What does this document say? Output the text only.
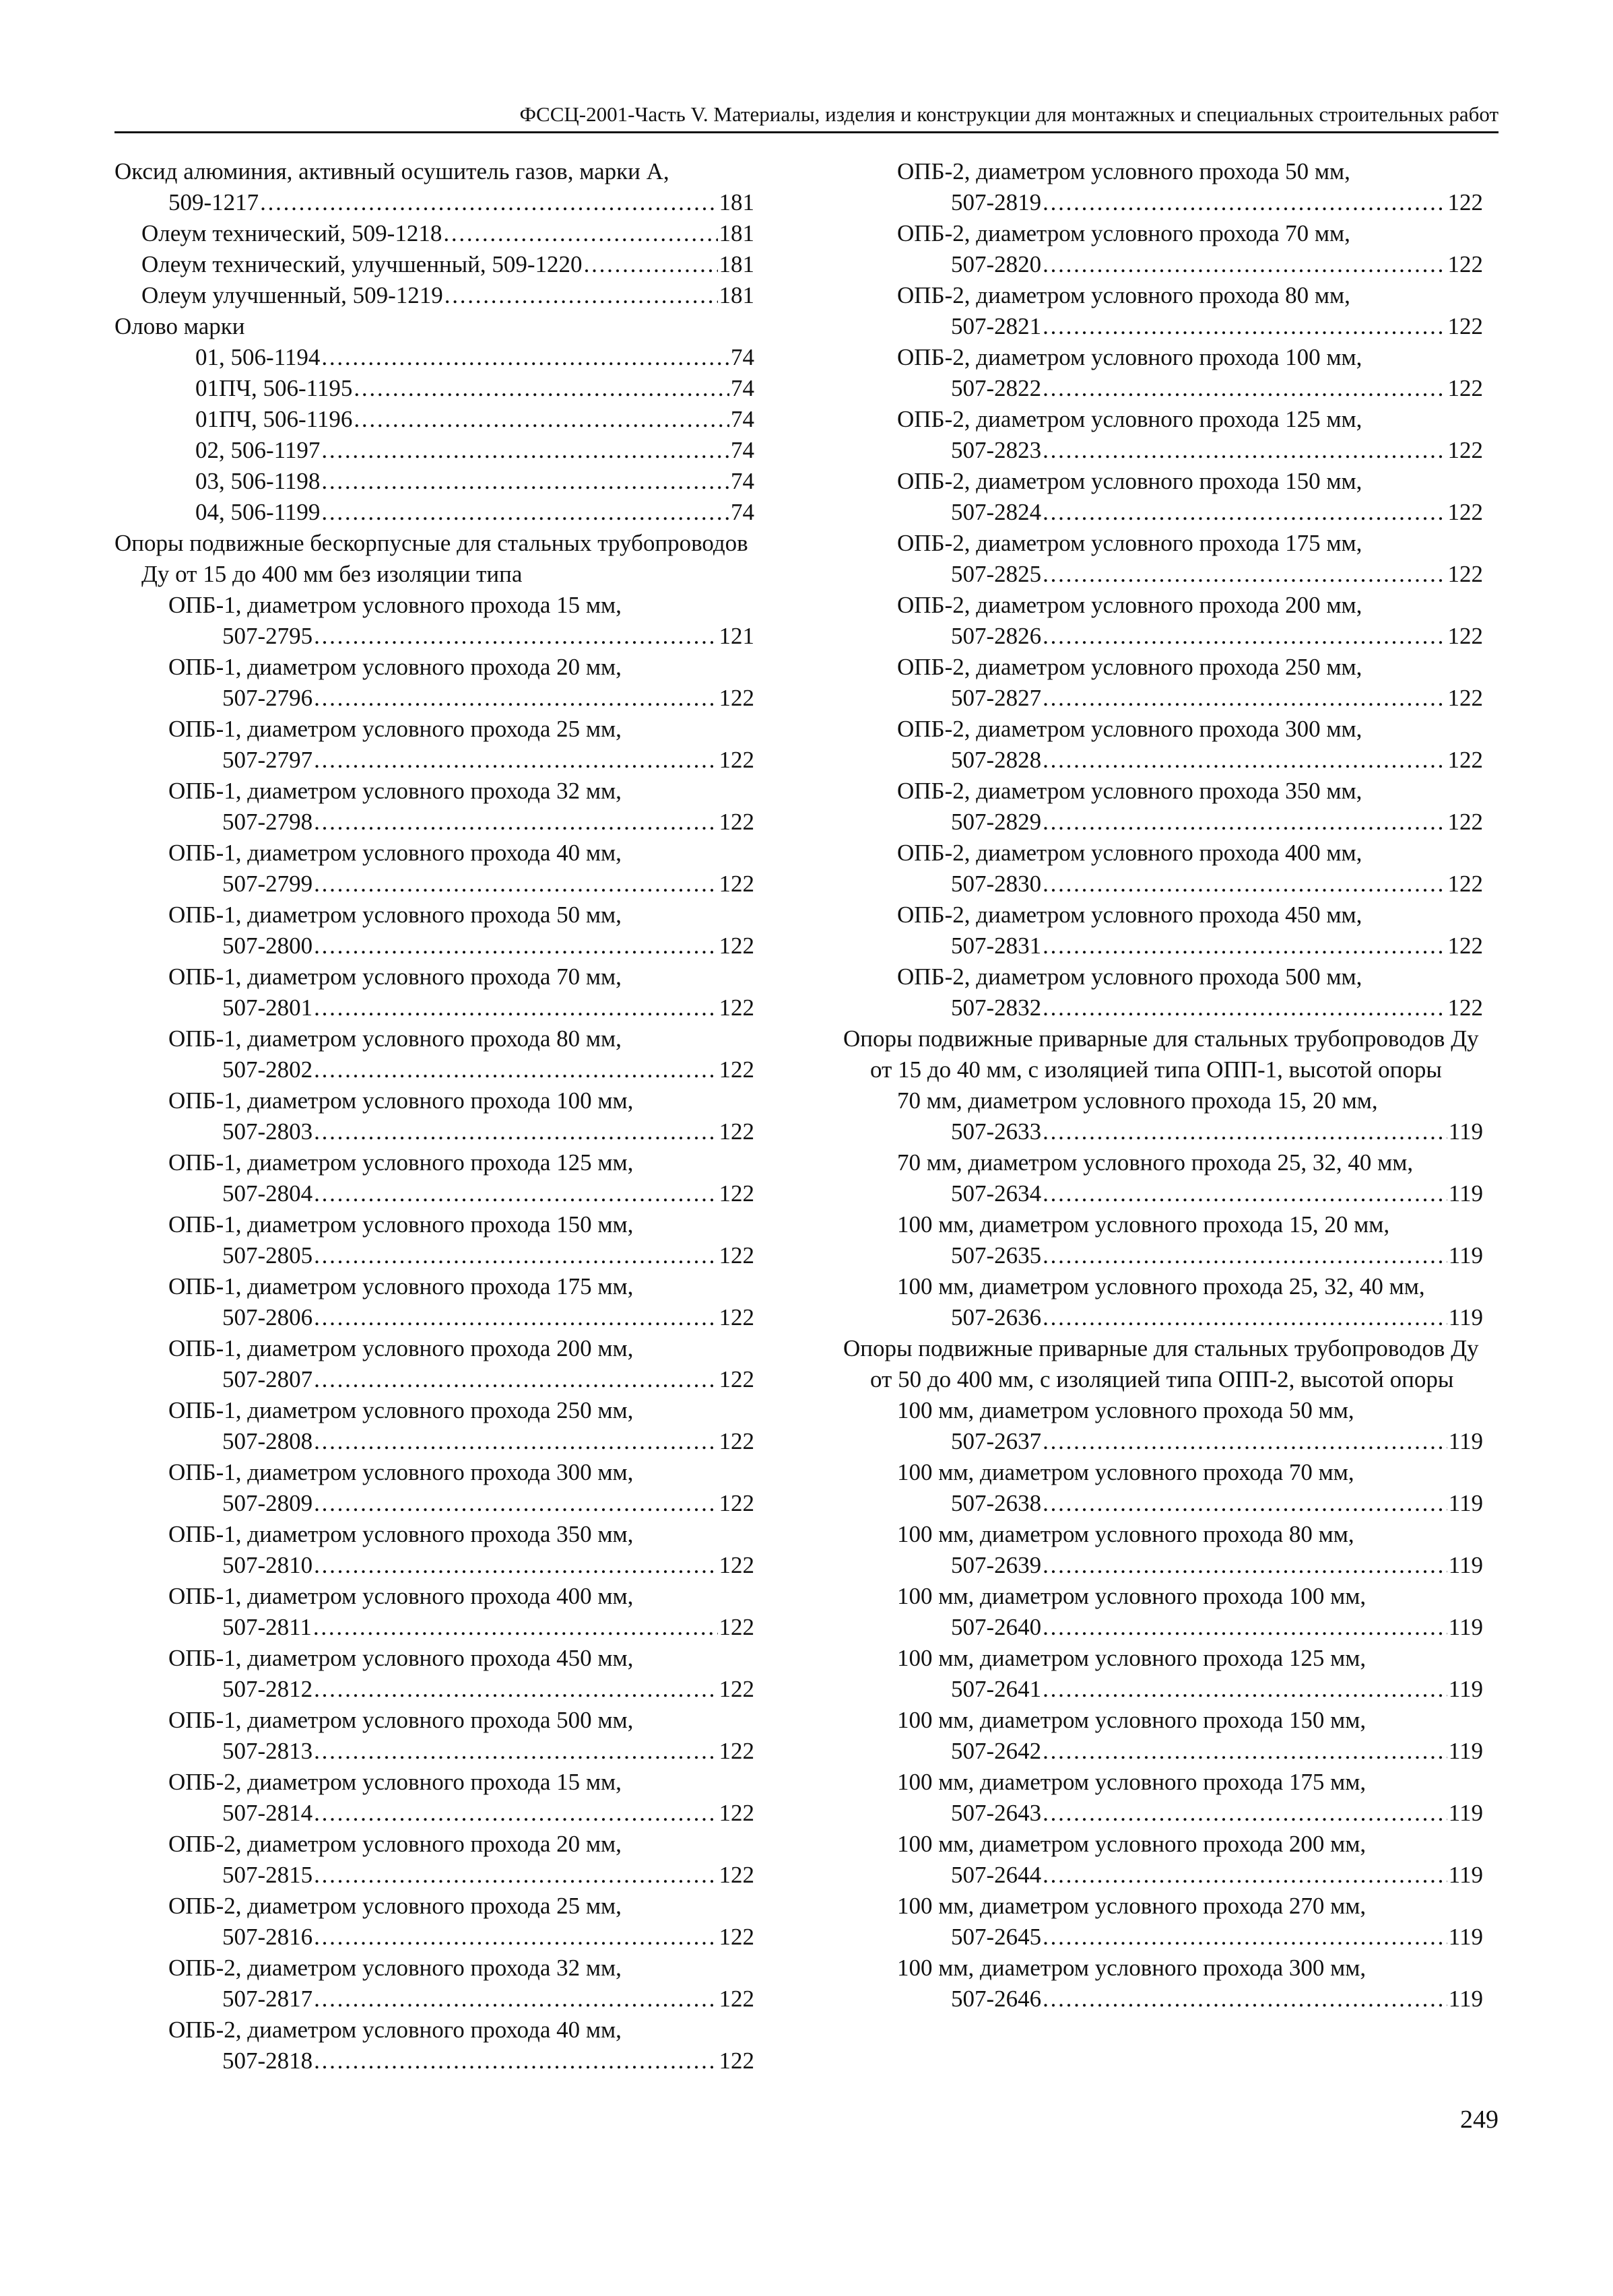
ФССЦ-2001-Часть V. Материалы, изделия и конструкции для монтажных и специальных строительных работ
Оксид алюминия, активный осушитель газов, марки А,
509-1217 . . .	181
Олеум технический, 509-1218 . . .	181
Олеум технический, улучшенный, 509-1220 . . .	181
Олеум улучшенный, 509-1219 . . .	181
Олово марки
01, 506-1194 . . .	74
01ПЧ, 506-1195 . . .	74
01ПЧ, 506-1196 . . .	74
02, 506-1197 . . .	74
03, 506-1198 . . .	74
04, 506-1199 . . .	74
Опоры подвижные бескорпусные для стальных трубопроводов Ду от 15 до 400 мм без изоляции типа
ОПБ-1, диаметром условного прохода 15 мм,
507-2795 . . .	121
ОПБ-1, диаметром условного прохода 20 мм,
507-2796 . . .	122
ОПБ-1, диаметром условного прохода 25 мм,
507-2797 . . .	122
ОПБ-1, диаметром условного прохода 32 мм,
507-2798 . . .	122
ОПБ-1, диаметром условного прохода 40 мм,
507-2799 . . .	122
ОПБ-1, диаметром условного прохода 50 мм,
507-2800 . . .	122
ОПБ-1, диаметром условного прохода 70 мм,
507-2801 . . .	122
ОПБ-1, диаметром условного прохода 80 мм,
507-2802 . . .	122
ОПБ-1, диаметром условного прохода 100 мм,
507-2803 . . .	122
ОПБ-1, диаметром условного прохода 125 мм,
507-2804 . . .	122
ОПБ-1, диаметром условного прохода 150 мм,
507-2805 . . .	122
ОПБ-1, диаметром условного прохода 175 мм,
507-2806 . . .	122
ОПБ-1, диаметром условного прохода 200 мм,
507-2807 . . .	122
ОПБ-1, диаметром условного прохода 250 мм,
507-2808 . . .	122
ОПБ-1, диаметром условного прохода 300 мм,
507-2809 . . .	122
ОПБ-1, диаметром условного прохода 350 мм,
507-2810 . . .	122
ОПБ-1, диаметром условного прохода 400 мм,
507-2811 . . .	122
ОПБ-1, диаметром условного прохода 450 мм,
507-2812 . . .	122
ОПБ-1, диаметром условного прохода 500 мм,
507-2813 . . .	122
ОПБ-2, диаметром условного прохода 15 мм,
507-2814 . . .	122
ОПБ-2, диаметром условного прохода 20 мм,
507-2815 . . .	122
ОПБ-2, диаметром условного прохода 25 мм,
507-2816 . . .	122
ОПБ-2, диаметром условного прохода 32 мм,
507-2817 . . .	122
ОПБ-2, диаметром условного прохода 40 мм,
507-2818 . . .	122
ОПБ-2, диаметром условного прохода 50 мм,
507-2819 . . .	122
ОПБ-2, диаметром условного прохода 70 мм,
507-2820 . . .	122
ОПБ-2, диаметром условного прохода 80 мм,
507-2821 . . .	122
ОПБ-2, диаметром условного прохода 100 мм,
507-2822 . . .	122
ОПБ-2, диаметром условного прохода 125 мм,
507-2823 . . .	122
ОПБ-2, диаметром условного прохода 150 мм,
507-2824 . . .	122
ОПБ-2, диаметром условного прохода 175 мм,
507-2825 . . .	122
ОПБ-2, диаметром условного прохода 200 мм,
507-2826 . . .	122
ОПБ-2, диаметром условного прохода 250 мм,
507-2827 . . .	122
ОПБ-2, диаметром условного прохода 300 мм,
507-2828 . . .	122
ОПБ-2, диаметром условного прохода 350 мм,
507-2829 . . .	122
ОПБ-2, диаметром условного прохода 400 мм,
507-2830 . . .	122
ОПБ-2, диаметром условного прохода 450 мм,
507-2831 . . .	122
ОПБ-2, диаметром условного прохода 500 мм,
507-2832 . . .	122
Опоры подвижные приварные для стальных трубопроводов Ду от 15 до 40 мм, с изоляцией типа ОПП-1, высотой опоры
70 мм, диаметром условного прохода 15, 20 мм,
507-2633 . . .	119
70 мм, диаметром условного прохода 25, 32, 40 мм,
507-2634 . . .	119
100 мм, диаметром условного прохода 15, 20 мм,
507-2635 . . .	119
100 мм, диаметром условного прохода 25, 32, 40 мм,
507-2636 . . .	119
Опоры подвижные приварные для стальных трубопроводов Ду от 50 до 400 мм, с изоляцией типа ОПП-2, высотой опоры
100 мм, диаметром условного прохода 50 мм,
507-2637 . . .	119
100 мм, диаметром условного прохода 70 мм,
507-2638 . . .	119
100 мм, диаметром условного прохода 80 мм,
507-2639 . . .	119
100 мм, диаметром условного прохода 100 мм,
507-2640 . . .	119
100 мм, диаметром условного прохода 125 мм,
507-2641 . . .	119
100 мм, диаметром условного прохода 150 мм,
507-2642 . . .	119
100 мм, диаметром условного прохода 175 мм,
507-2643 . . .	119
100 мм, диаметром условного прохода 200 мм,
507-2644 . . .	119
100 мм, диаметром условного прохода 270 мм,
507-2645 . . .	119
100 мм, диаметром условного прохода 300 мм,
507-2646 . . .	119
249
